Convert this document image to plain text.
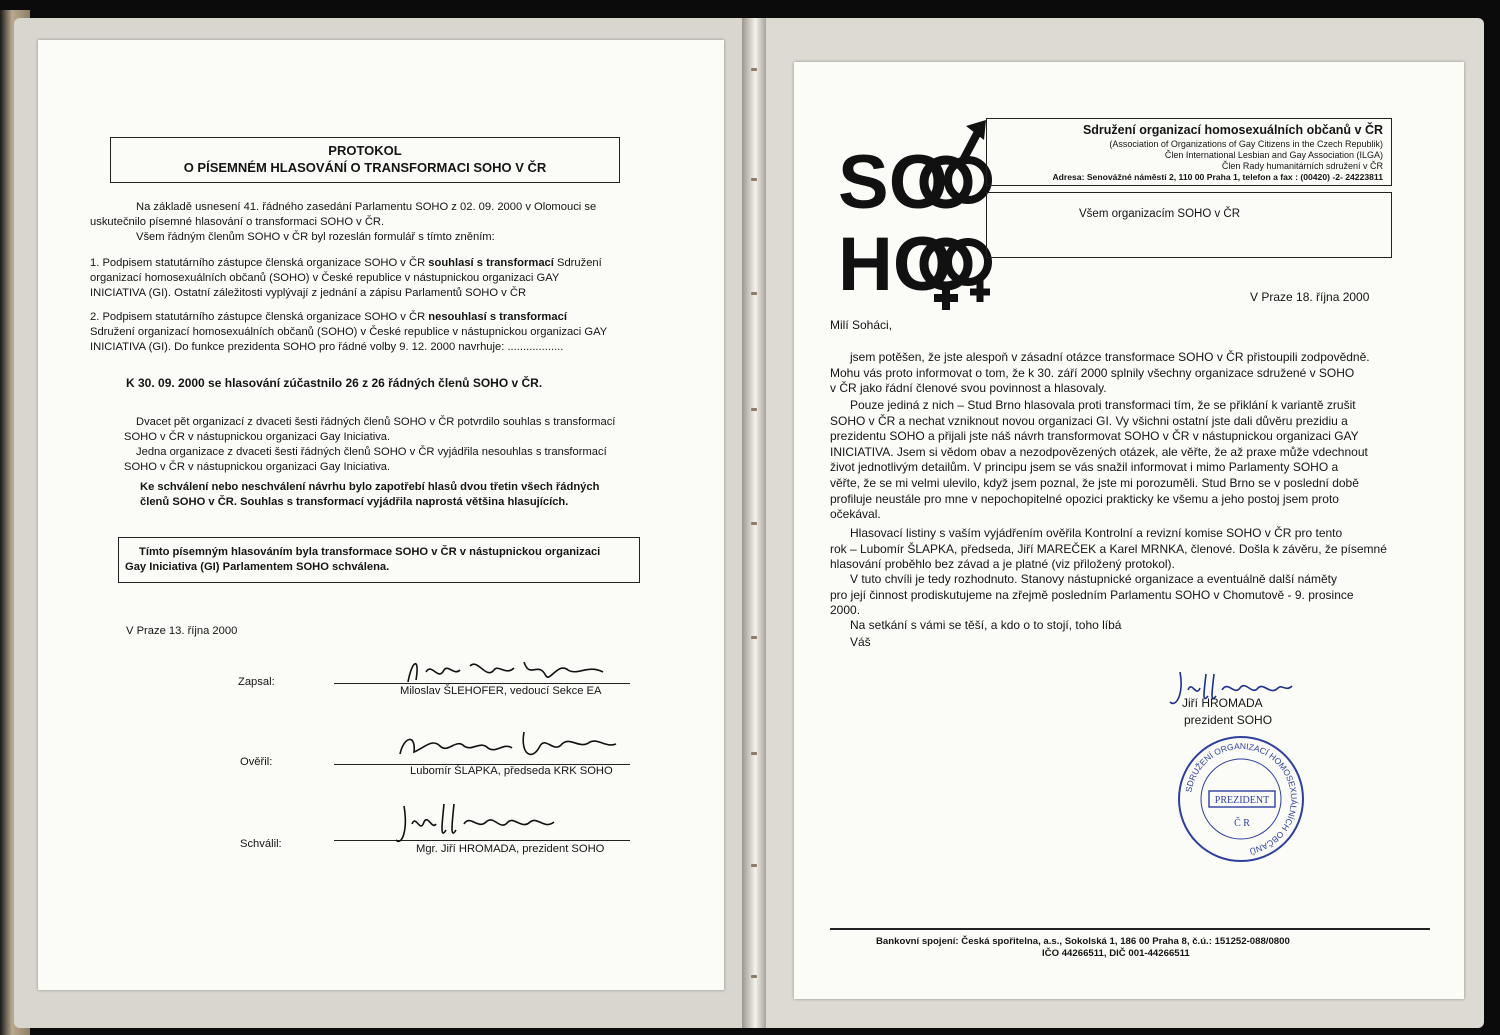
PROTOKOL
O PÍSEMNÉM HLASOVÁNÍ O TRANSFORMACI SOHO V ČR
Na základě usnesení 41. řádného zasedání Parlamentu SOHO z 02. 09. 2000 v Olomouci se
uskutečnilo písemné hlasování o transformaci SOHO v ČR.
Všem řádným členům SOHO v ČR byl rozeslán formulář s tímto zněním:
1. Podpisem statutárního zástupce členská organizace SOHO v ČR souhlasí s transformací Sdružení
organizací homosexuálních občanů (SOHO) v České republice v nástupnickou organizaci GAY
INICIATIVA (GI). Ostatní záležitosti vyplývají z jednání a zápisu Parlamentů SOHO v ČR
2. Podpisem statutárního zástupce členská organizace SOHO v ČR nesouhlasí s transformací
Sdružení organizací homosexuálních občanů (SOHO) v České republice v nástupnickou organizaci GAY
INICIATIVA (GI). Do funkce prezidenta SOHO pro řádné volby 9. 12. 2000 navrhuje: ..................
K 30. 09. 2000 se hlasování zúčastnilo 26 z 26 řádných členů SOHO v ČR.
Dvacet pět organizací z dvaceti šesti řádných členů SOHO v ČR potvrdilo souhlas s transformací
SOHO v ČR v nástupnickou organizaci Gay Iniciativa.
Jedna organizace z dvaceti šesti řádných členů SOHO v ČR vyjádřila nesouhlas s transformací
SOHO v ČR v nástupnickou organizaci Gay Iniciativa.
Ke schválení nebo neschválení návrhu bylo zapotřebí hlasů dvou třetin všech řádných
členů SOHO v ČR. Souhlas s transformací vyjádřila naprostá většina hlasujících.
Tímto písemným hlasováním byla transformace SOHO v ČR v nástupnickou organizaci
Gay Iniciativa (GI) Parlamentem SOHO schválena.
V Praze 13. října 2000
Zapsal:
Miloslav ŠLEHOFER, vedoucí Sekce EA
Ověřil:
Lubomír ŠLAPKA, předseda KRK SOHO
Schválil:	Mgr. Jiří HROMADA, prezident SOHO
SO
HO
Sdružení organizací homosexuálních občanů v ČR
(Association of Organizations of Gay Citizens in the Czech Republik)
Člen International Lesbian and Gay Association (ILGA)
Člen Rady humanitárních sdružení v ČR
Adresa: Senovážné náměstí 2, 110 00 Praha 1, telefon a fax : (00420) -2- 24223811
Všem organizacím SOHO v ČR
V Praze 18. října 2000
Milí Soháci,
jsem potěšen, že jste alespoň v zásadní otázce transformace SOHO v ČR přistoupili zodpovědně.
Mohu vás proto informovat o tom, že k 30. září 2000 splnily všechny organizace sdružené v SOHO
v ČR jako řádní členové svou povinnost a hlasovaly.
Pouze jediná z nich – Stud Brno hlasovala proti transformaci tím, že se přiklání k variantě zrušit
SOHO v ČR a nechat vzniknout novou organizaci GI. Vy všichni ostatní jste dali důvěru prezidiu a
prezidentu SOHO a přijali jste náš návrh transformovat SOHO v ČR v nástupnickou organizaci GAY
INICIATIVA. Jsem si vědom obav a nezodpovězených otázek, ale věřte, že až praxe může vdechnout
život jednotlivým detailům. V principu jsem se vás snažil informovat i mimo Parlamenty SOHO a
věřte, že se mi velmi ulevilo, když jsem poznal, že jste mi porozuměli. Stud Brno se v poslední době
profiluje neustále pro mne v nepochopitelné opozici prakticky ke všemu a jeho postoj jsem proto
očekával.
Hlasovací listiny s vaším vyjádřením ověřila Kontrolní a revizní komise SOHO v ČR pro tento
rok – Lubomír ŠLAPKA, předseda, Jiří MAREČEK a Karel MRNKA, členové. Došla k závěru, že písemné
hlasování proběhlo bez závad a je platné (viz přiložený protokol).
V tuto chvíli je tedy rozhodnuto. Stanovy nástupnické organizace a eventuálně další náměty
pro její činnost prodiskutujeme na zřejmě posledním Parlamentu SOHO v Chomutově - 9. prosince
2000.
Na setkání s vámi se těší, a kdo o to stojí, toho líbá
Váš
Jiří HROMADA
prezident SOHO
SDRUŽENÍ ORGANIZACÍ HOMOSEXUÁLNÍCH OBČANŮ
PREZIDENT
Č R
Bankovní spojení: Česká spořitelna, a.s., Sokolská 1, 186 00 Praha 8, č.ú.: 151252-088/0800
IČO 44266511, DIČ 001-44266511
